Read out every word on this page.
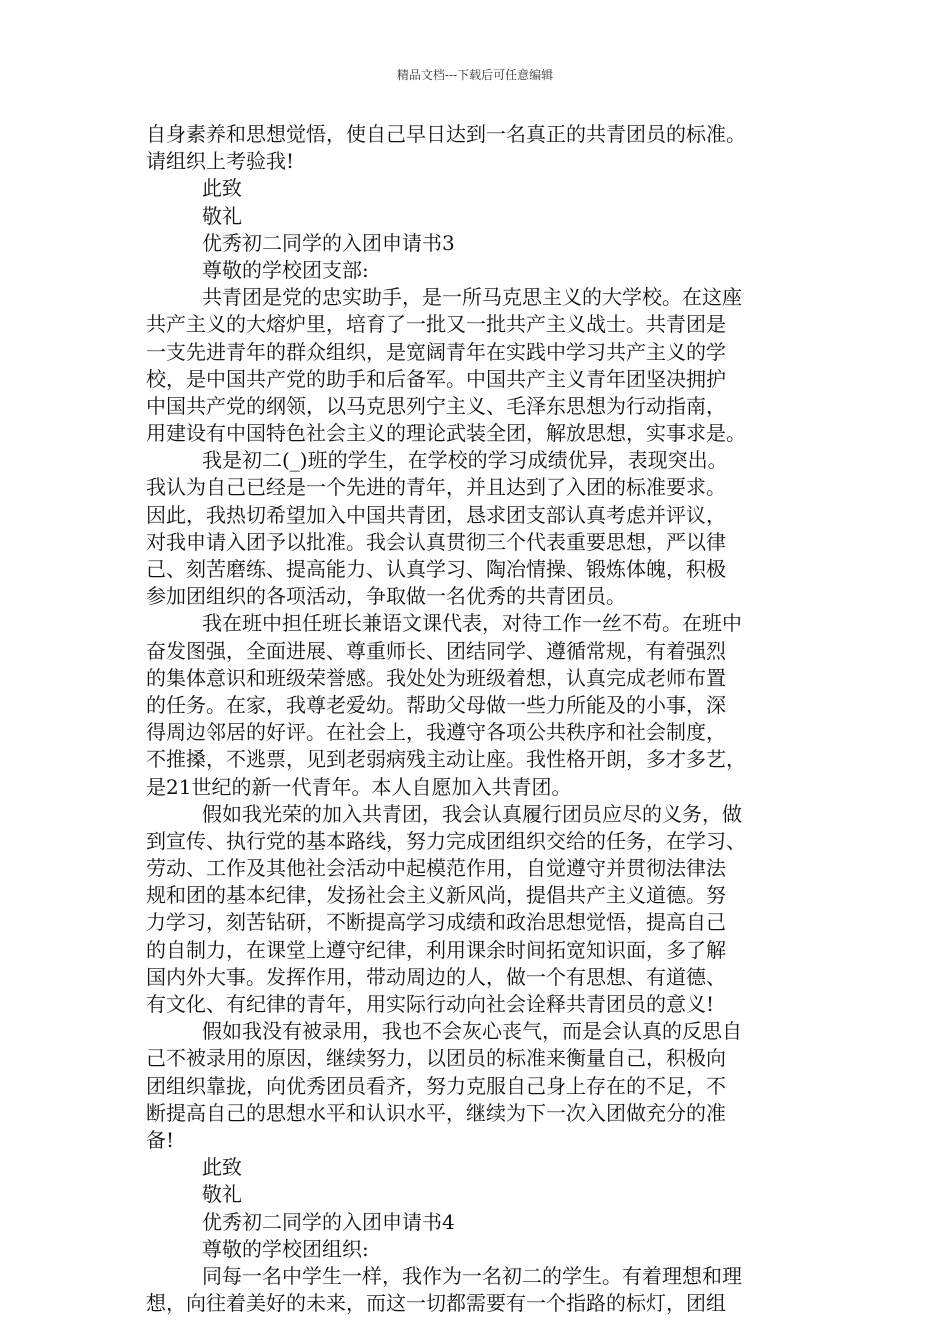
精品文档---下载后可任意编辑
自身素养和思想觉悟，使自己早日达到一名真正的共青团员的标准。
请组织上考验我!
此致
敬礼
优秀初二同学的入团申请书3
尊敬的学校团支部:
共青团是党的忠实助手，是一所马克思主义的大学校。在这座
共产主义的大熔炉里，培育了一批又一批共产主义战士。共青团是
一支先进青年的群众组织，是宽阔青年在实践中学习共产主义的学
校，是中国共产党的助手和后备军。中国共产主义青年团坚决拥护
中国共产党的纲领，以马克思列宁主义、毛泽东思想为行动指南，
用建设有中国特色社会主义的理论武装全团，解放思想，实事求是。
我是初二(_)班的学生，在学校的学习成绩优异，表现突出。
我认为自己已经是一个先进的青年，并且达到了入团的标准要求。
因此，我热切希望加入中国共青团，恳求团支部认真考虑并评议，
对我申请入团予以批准。我会认真贯彻三个代表重要思想，严以律
己、刻苦磨练、提高能力、认真学习、陶冶情操、锻炼体魄，积极
参加团组织的各项活动，争取做一名优秀的共青团员。
我在班中担任班长兼语文课代表，对待工作一丝不苟。在班中
奋发图强，全面进展、尊重师长、团结同学、遵循常规，有着强烈
的集体意识和班级荣誉感。我处处为班级着想，认真完成老师布置
的任务。在家，我尊老爱幼。帮助父母做一些力所能及的小事，深
得周边邻居的好评。在社会上，我遵守各项公共秩序和社会制度，
不推搡，不逃票，见到老弱病残主动让座。我性格开朗，多才多艺，
是21世纪的新一代青年。本人自愿加入共青团。
假如我光荣的加入共青团，我会认真履行团员应尽的义务，做
到宣传、执行党的基本路线，努力完成团组织交给的任务，在学习、
劳动、工作及其他社会活动中起模范作用，自觉遵守并贯彻法律法
规和团的基本纪律，发扬社会主义新风尚，提倡共产主义道德。努
力学习，刻苦钻研，不断提高学习成绩和政治思想觉悟，提高自己
的自制力，在课堂上遵守纪律，利用课余时间拓宽知识面，多了解
国内外大事。发挥作用，带动周边的人，做一个有思想、有道德、
有文化、有纪律的青年，用实际行动向社会诠释共青团员的意义!
假如我没有被录用，我也不会灰心丧气，而是会认真的反思自
己不被录用的原因，继续努力，以团员的标准来衡量自己，积极向
团组织靠拢，向优秀团员看齐，努力克服自己身上存在的不足，不
断提高自己的思想水平和认识水平，继续为下一次入团做充分的准
备!
此致
敬礼
优秀初二同学的入团申请书4
尊敬的学校团组织:
同每一名中学生一样，我作为一名初二的学生。有着理想和理
想，向往着美好的未来，而这一切都需要有一个指路的标灯，团组
